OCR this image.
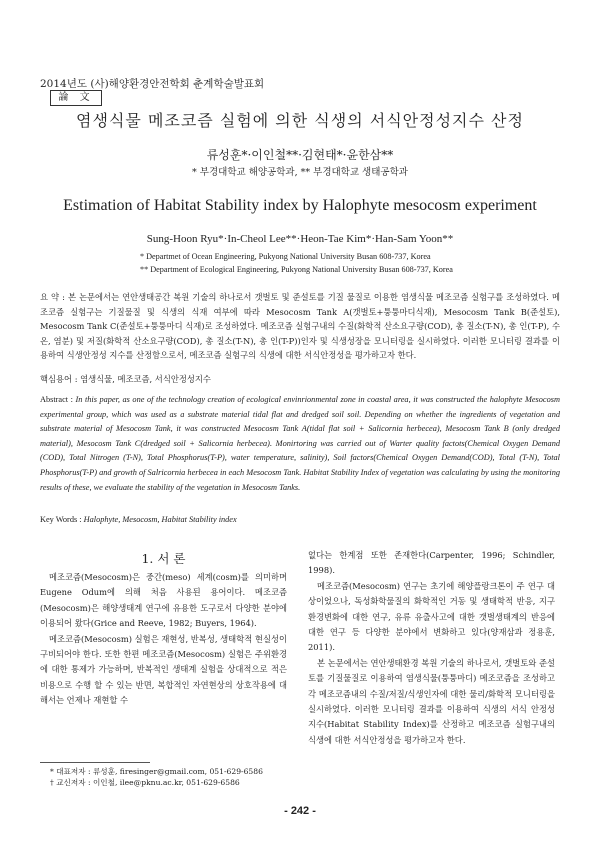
2014년도 (사)해양환경안전학회 춘계학술발표회
論 文
염생식물 메조코즘 실험에 의한 식생의 서식안정성지수 산정
류성훈*·이인철**·김현태*·윤한삼**
* 부경대학교 해양공학과, ** 부경대학교 생태공학과
Estimation of Habitat Stability index by Halophyte mesocosm experiment
Sung-Hoon Ryu*·In-Cheol Lee**·Heon-Tae Kim*·Han-Sam Yoon**
* Departmet of Ocean Engineering, Pukyong National University Busan 608-737, Korea
** Department of Ecological Engineering, Pukyong National University Busan 608-737, Korea
요 약 : 본 논문에서는 연안생태공간 복원 기술의 하나로서 갯벌토 및 준설토를 기질 물질로 이용한 염생식물 메조코즘 실험구를 조성하였다. 메조코즘 실험구는 기질물질 및 식생의 식재 여부에 따라 Mesocosm Tank A(갯벌토+퉁퉁마디식재), Mesocosm Tank B(준설토), Mesocosm Tank C(준설토+퉁퉁마디 식재)로 조성하였다. 메조코즘 실험구내의 수질(화학적 산소요구량(COD), 총 질소(T-N), 총 인(T-P), 수온, 염분) 및 저질(화학적 산소요구량(COD), 총 질소(T-N), 총 인(T-P))인자 및 식생성장을 모니터링을 실시하였다. 이러한 모니터링 결과를 이용하여 식생안정성 지수를 산정함으로서, 메조코즘 실험구의 식생에 대한 서식안정성을 평가하고자 한다.
핵심용어 : 염생식물, 메조코즘, 서식안정성지수
Abstract : In this paper, as one of the technology creation of ecological envinrionmental zone in coastal area, it was constructed the halophyte Mesocosm experimental group, which was used as a substrate material tidal flat and dredged soil soil. Depending on whether the ingredients of vegetation and substrate material of Mesocosm Tank, it was constructed Mesocosm Tank A(tidal flat soil + Salicornia herbecea), Mesocosm Tank B (only dredged material), Mesocosm Tank C(dredged soil + Salicornia herbecea). Monirtoring was carried out of Warter quality factots(Chemical Oxygen Demand (COD), Total Nitrogen (T-N), Total Phosphorus(T-P), water temperature, salinity), Soil factors(Chemical Oxygen Demand(COD), Total (T-N), Total Phosphorus(T-P) and growth of Salricornia herbecea in each Mesocosm Tank. Habitat Stability Index of vegetation was calculating by using the monitoring results of these, we evaluate the stability of the vegetation in Mesocosm Tanks.
Key Words : Halophyte, Mesocosm, Habitat Stability index
1. 서 론

메조코즘(Mesocosm)은 중간(meso) 세계(cosm)를 의미하며 Eugene Odum에 의해 처음 사용된 용어이다. 메조코즘(Mesocosm)은 해양생태계 연구에 유용한 도구로서 다양한 분야에 이용되어 왔다(Grice and Reeve, 1982; Buyers, 1964).

메조코즘(Mesocosm) 실험은 재현성, 반복성, 생태학적 현실성이 구비되어야 한다. 또한 한편 메조코즘(Mesocosm) 실험은 주위환경에 대한 통제가 가능하며, 반복적인 생태계 실험을 상대적으로 적은 비용으로 수행 할 수 있는 반면, 복합적인 자연현상의 상호작용에 대해서는 언제나 재현할 수

없다는 한계점 또한 존재한다(Carpenter, 1996; Schindler, 1998).

메조코즘(Mesocosm) 연구는 초기에 해양플랑크톤이 주 연구 대상이었으나, 독성화학물질의 화학적인 거동 및 생태학적 반응, 지구환경변화에 대한 연구, 유류 유출사고에 대한 갯벌생태계의 반응에 대한 연구 등 다양한 분야에서 변화하고 있다(양재삼과 정용훈, 2011).

본 논문에서는 연안생태환경 복원 기술의 하나로서, 갯벌토와 준설토를 기질물질로 이용하여 염생식물(퉁퉁마디) 메조코즘을 조성하고 각 메조코즘내의 수질/저질/식생인자에 대한 물리/화학적 모니터링을 실시하였다. 이러한 모니터링 결과를 이용하여 식생의 서식 안정성 지수(Habitat Stability Index)를 산정하고 메조코즘 실험구내의 식생에 대한 서식안정성을 평가하고자 한다.

* 대표저자 : 류성훈, firesinger@gmail.com, 051-629-6586
† 교신저자 : 이인철, ilee@pknu.ac.kr, 051-629-6586
- 242 -
